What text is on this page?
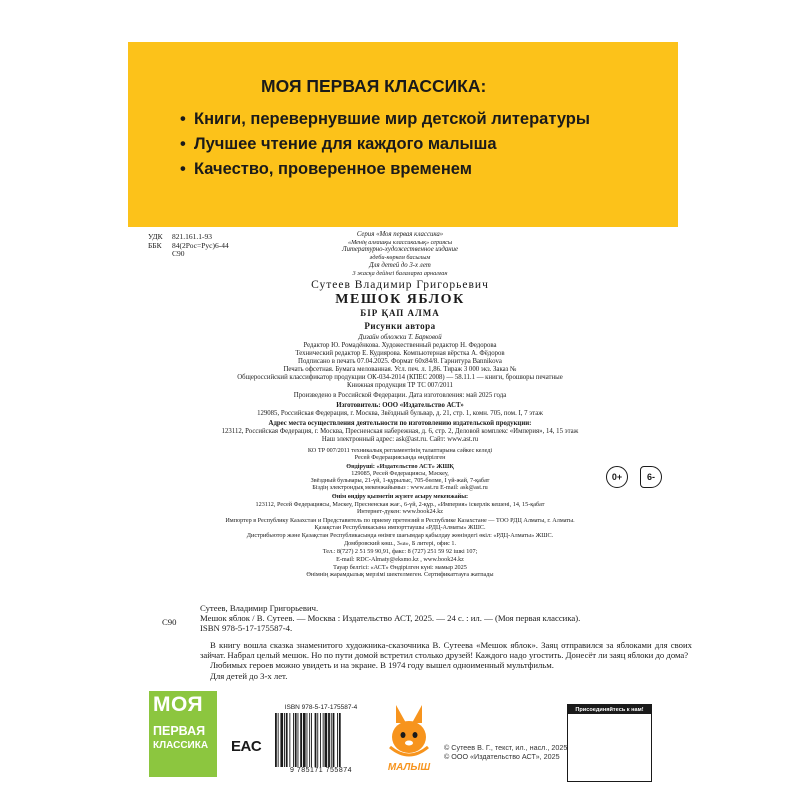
МОЯ ПЕРВАЯ КЛАССИКА:
• Книги, перевернувшие мир детской литературы
• Лучшее чтение для каждого малыша
• Качество, проверенное временем
УДК 821.161.1-93
ББК 84(2Рос=Рус)6-44
С90
Серия «Моя первая классика»
«Менің алғашқы классикалық» сериясы
Литературно-художественное издание
әдеби-көркем басылым
Для детей до 3-х лет
3 жасқа дейінгі балаларға арналған
Сутеев Владимир Григорьевич
МЕШОК ЯБЛОК
БІР ҚАП АЛМА
Рисунки автора
Дизайн обложки Т. Барковой
Редактор Ю. Ромадёнкова. Художественный редактор Н. Федорова
Технический редактор Е. Кудиярова. Компьютерная вёрстка А. Фёдоров
Подписано в печать 07.04.2025. Формат 60x84/8. Гарнитура Bannikova
Печать офсетная. Бумага мелованная. Усл. печ. л. 1,86. Тираж 3 000 экз. Заказ №
Общероссийский классификатор продукции ОК-034-2014 (КПЕС 2008) — 58.11.1 — книги, брошюры печатные
Книжная продукция ТР ТС 007/2011
Произведено в Российской Федерации. Дата изготовления: май 2025 года
Изготовитель: ООО «Издательство АСТ»
129085, Российская Федерация, г. Москва, Звёздный бульвар, д. 21, стр. 1, комн. 705, пом. I, 7 этаж
Адрес места осуществления деятельности по изготовлению издательской продукции:
123112, Российская Федерация, г. Москва, Пресненская набережная, д. 6, стр. 2, Деловой комплекс «Империя», 14, 15 этаж
Наш электронный адрес: ask@ast.ru. Сайт: www.ast.ru
КО ТР 007/2011 техникалық регламентінің талаптарына сәйкес келеді
Ресей Федерациясында өндірілген
Өндіруші: «Издательство АСТ» ЖШҚ
129085, Ресей Федерациясы, Мәскеу,
Звёздный бульвары, 21-үй, 1-құрылыс, 705-бөлме, I үй-жай, 7-қабат
Біздің электрондық мекенжайымыз : www.ast.ru E-mail: ask@ast.ru
Өнім өндіру қызметін жүзеге асыру мекенжайы:
123112, Ресей Федерациясы, Мәскеу, Пресненская жағ., 6-үй, 2-құр., «Империя» іскерлік кешені, 14, 15-қабат
Интернет-дүкен: www.book24.kz
Импортер в Республику Казахстан и Представитель по приему претензий в Республике Казахстане — ТОО РДЦ Алматы, г. Алматы.
Қазақстан Республикасына импорттаушы «РДЦ-Алматы» ЖШС.
Дистрибьютор және Қазақстан Республикасында өнімге шағымдар қабылдау жөніндегі өкіл: «РДЦ-Алматы» ЖШС.
Домбровский көш., 3«а», Б литері, офис 1.
Тел.: 8(727) 2 51 59 90,91, факс: 8 (727) 251 59 92 ішкі 107;
E-mail: RDC-Almaty@eksmo.kz , www.book24.kz
Тауар белгісі: «АСТ» Өндірілген күні: мамыр 2025
Өнімнің жарамдылық мерзімі шектелмеген. Сертификаттауға жатпады
0+	6-
С90
Сутеев, Владимир Григорьевич.
Мешок яблок / В. Сутеев. — Москва : Издательство АСТ, 2025. — 24 с. : ил. — (Моя первая классика).
ISBN 978-5-17-175587-4.
В книгу вошла сказка знаменитого художника-сказочника В. Сутеева «Мешок яблок». Заяц отправился за яблоками для своих зайчат. Набрал целый мешок. Но по пути домой встретил столько друзей! Каждого надо угостить. Донесёт ли заяц яблоки до дома?
Любимых героев можно увидеть и на экране. В 1974 году вышел одноименный мультфильм.
Для детей до 3-х лет.
МОЯ
ПЕРВАЯ
КЛАССИКА	EAC
ISBN 978-5-17-175587-4
9 785171 755874	МАЛЫШ
© Сутеев В. Г., текст, ил., насл., 2025
© ООО «Издательство АСТ», 2025
Присоединяйтесь к нам!
